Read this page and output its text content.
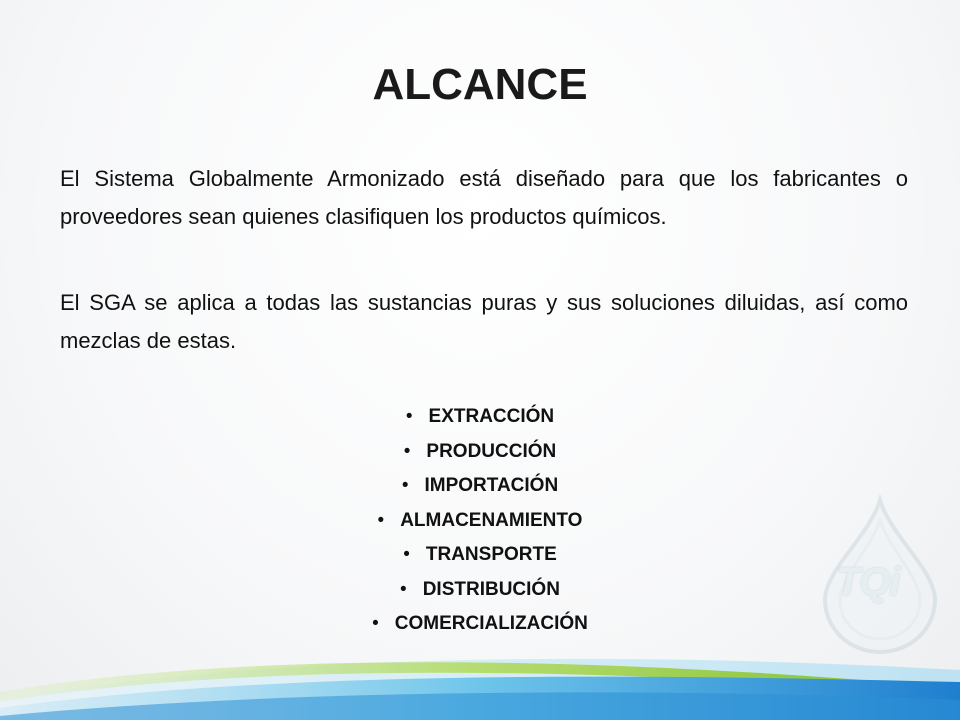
TQi
ALCANCE
El Sistema Globalmente Armonizado está diseñado para que los fabricantes o proveedores sean quienes clasifiquen los productos químicos.
El SGA se aplica a todas las sustancias puras y sus soluciones diluidas, así como mezclas de estas.
• EXTRACCIÓN
• PRODUCCIÓN
• IMPORTACIÓN
• ALMACENAMIENTO
• TRANSPORTE
• DISTRIBUCIÓN
• COMERCIALIZACIÓN
